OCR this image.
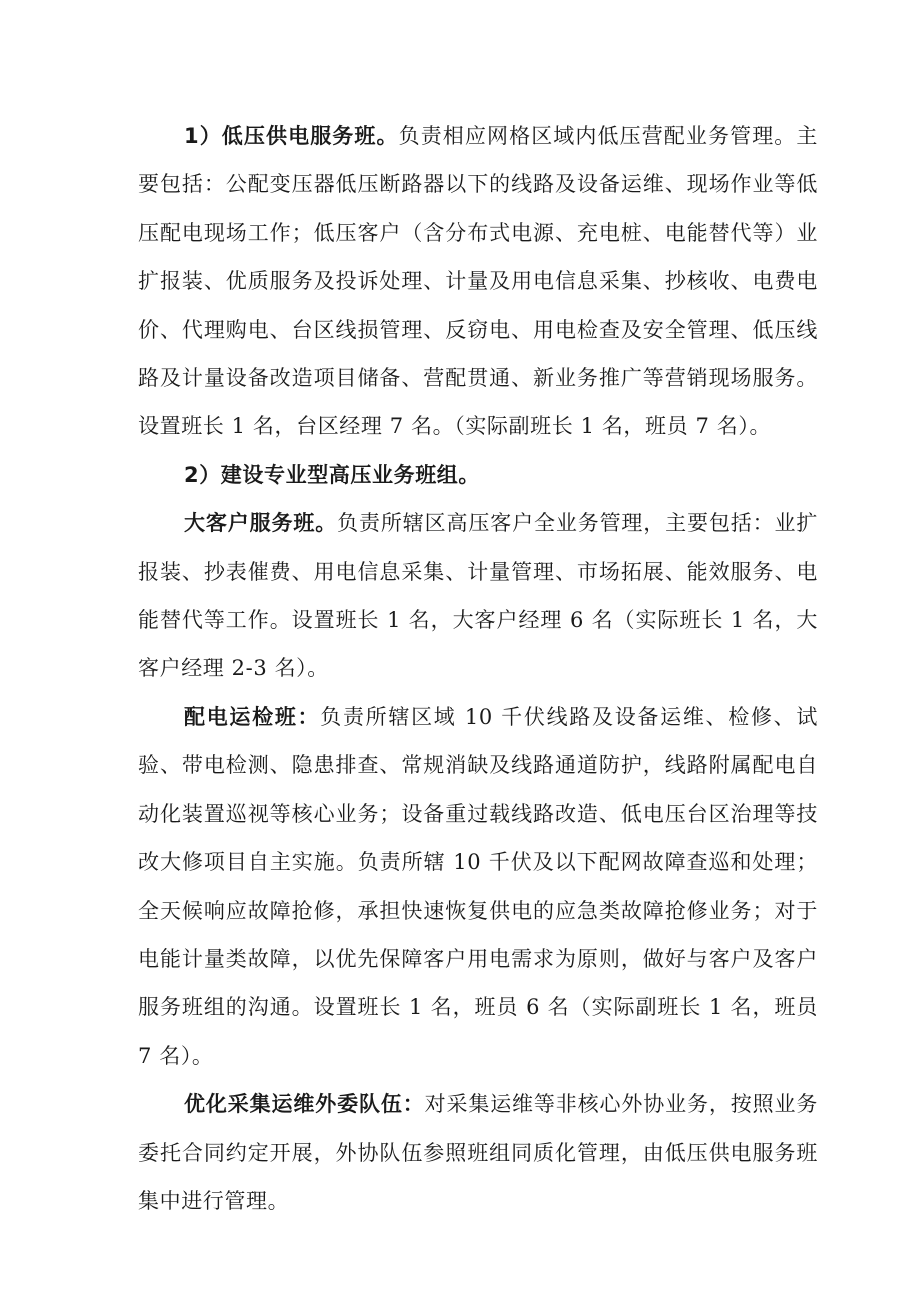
1）低压供电服务班。负责相应网格区域内低压营配业务管理。主要包括：公配变压器低压断路器以下的线路及设备运维、现场作业等低压配电现场工作；低压客户（含分布式电源、充电桩、电能替代等）业扩报装、优质服务及投诉处理、计量及用电信息采集、抄核收、电费电价、代理购电、台区线损管理、反窃电、用电检查及安全管理、低压线路及计量设备改造项目储备、营配贯通、新业务推广等营销现场服务。设置班长 1 名，台区经理 7 名。（实际副班长 1 名，班员 7 名）。

2）建设专业型高压业务班组。

大客户服务班。负责所辖区高压客户全业务管理，主要包括：业扩报装、抄表催费、用电信息采集、计量管理、市场拓展、能效服务、电能替代等工作。设置班长 1 名，大客户经理 6 名（实际班长 1 名，大客户经理 2-3 名）。

配电运检班：负责所辖区域 10 千伏线路及设备运维、检修、试验、带电检测、隐患排查、常规消缺及线路通道防护，线路附属配电自动化装置巡视等核心业务；设备重过载线路改造、低电压台区治理等技改大修项目自主实施。负责所辖 10 千伏及以下配网故障查巡和处理；全天候响应故障抢修，承担快速恢复供电的应急类故障抢修业务；对于电能计量类故障，以优先保障客户用电需求为原则，做好与客户及客户服务班组的沟通。设置班长 1 名，班员 6 名（实际副班长 1 名，班员 7 名）。

优化采集运维外委队伍：对采集运维等非核心外协业务，按照业务委托合同约定开展，外协队伍参照班组同质化管理，由低压供电服务班集中进行管理。
